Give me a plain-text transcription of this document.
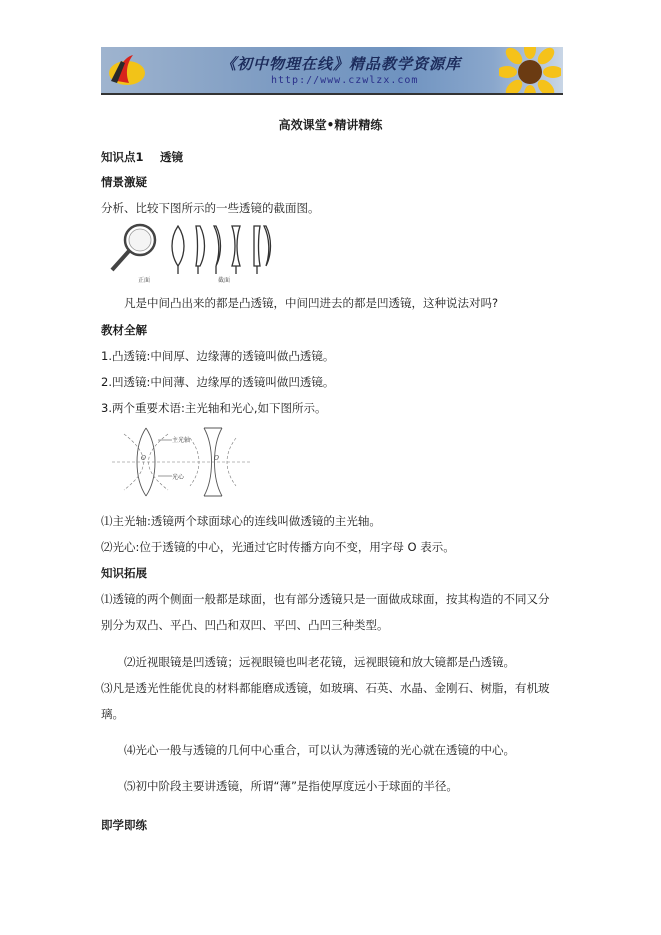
《初中物理在线》精品教学资源库
http://www.czwlzx.com
高效课堂•精讲精练
知识点1 透镜
情景激疑
分析、比较下图所示的一些透镜的截面图。
正面	截面
凡是中间凸出来的都是凸透镜，中间凹进去的都是凹透镜，这种说法对吗?
教材全解
1.凸透镜:中间厚、边缘薄的透镜叫做凸透镜。
2.凹透镜:中间薄、边缘厚的透镜叫做凹透镜。
3.两个重要术语:主光轴和光心,如下图所示。
主光轴
光心
O	O
⑴主光轴:透镜两个球面球心的连线叫做透镜的主光轴。
⑵光心:位于透镜的中心，光通过它时传播方向不变，用字母 O 表示。
知识拓展
⑴透镜的两个侧面一般都是球面，也有部分透镜只是一面做成球面，按其构造的不同又分
别分为双凸、平凸、凹凸和双凹、平凹、凸凹三种类型。
⑵近视眼镜是凹透镜；远视眼镜也叫老花镜，远视眼镜和放大镜都是凸透镜。
⑶凡是透光性能优良的材料都能磨成透镜，如玻璃、石英、水晶、金刚石、树脂，有机玻
璃。
⑷光心一般与透镜的几何中心重合，可以认为薄透镜的光心就在透镜的中心。
⑸初中阶段主要讲透镜，所谓“薄”是指使厚度远小于球面的半径。
即学即练
